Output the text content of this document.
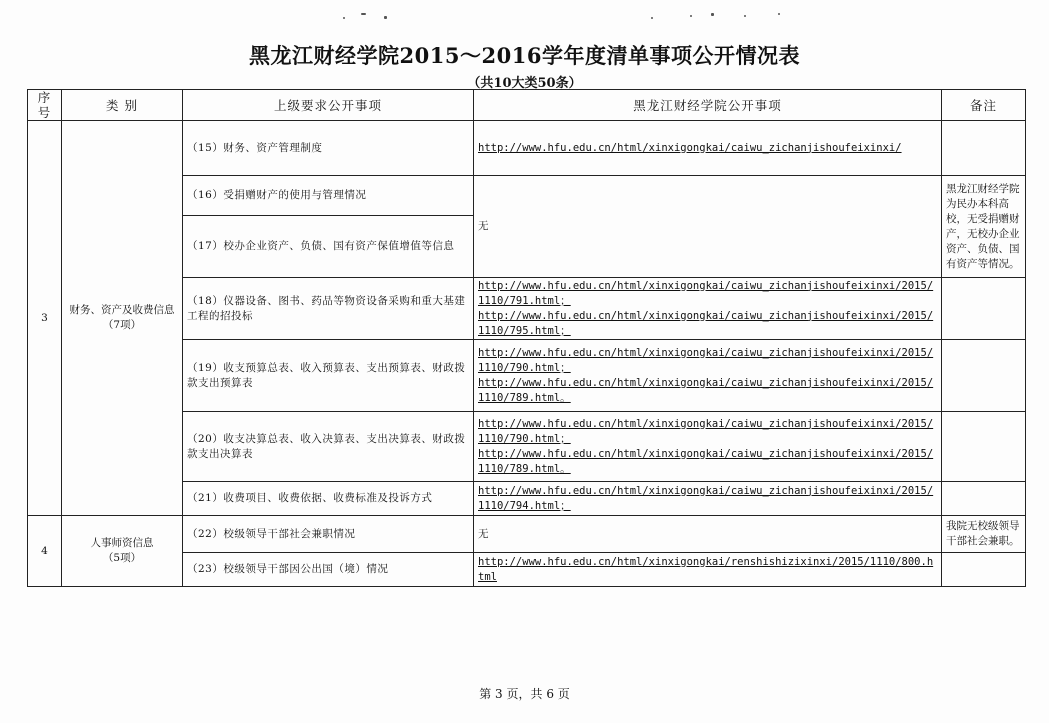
黑龙江财经学院2015～2016学年度清单事项公开情况表
（共10大类50条）
序号	类 别	上级要求公开事项	黑龙江财经学院公开事项	备注
3	财务、资产及收费信息
（7项）	（15）财务、资产管理制度	http://www.hfu.edu.cn/html/xinxigongkai/caiwu_zichanjishoufeixinxi/	

		（16）受捐赠财产的使用与管理情况	无	黑龙江财经学院为民办本科高校，无受捐赠财产，无校办企业资产、负债、国有资产等情况。
		（17）校办企业资产、负债、国有资产保值增值等信息		
		（18）仪器设备、图书、药品等物资设备采购和重大基建工程的招投标	http://www.hfu.edu.cn/html/xinxigongkai/caiwu_zichanjishoufeixinxi/2015/1110/791.html；
http://www.hfu.edu.cn/html/xinxigongkai/caiwu_zichanjishoufeixinxi/2015/1110/795.html；	

		（19）收支预算总表、收入预算表、支出预算表、财政拨款支出预算表	http://www.hfu.edu.cn/html/xinxigongkai/caiwu_zichanjishoufeixinxi/2015/1110/790.html；
http://www.hfu.edu.cn/html/xinxigongkai/caiwu_zichanjishoufeixinxi/2015/1110/789.html。	

		（20）收支决算总表、收入决算表、支出决算表、财政拨款支出决算表	http://www.hfu.edu.cn/html/xinxigongkai/caiwu_zichanjishoufeixinxi/2015/1110/790.html；
http://www.hfu.edu.cn/html/xinxigongkai/caiwu_zichanjishoufeixinxi/2015/1110/789.html。	

		（21）收费项目、收费依据、收费标准及投诉方式	http://www.hfu.edu.cn/html/xinxigongkai/caiwu_zichanjishoufeixinxi/2015/1110/794.html；	

4	人事师资信息
（5项）	（22）校级领导干部社会兼职情况	无	我院无校级领导干部社会兼职。
		（23）校级领导干部因公出国（境）情况	http://www.hfu.edu.cn/html/xinxigongkai/renshishizixinxi/2015/1110/800.html	

第 3 页，共 6 页
